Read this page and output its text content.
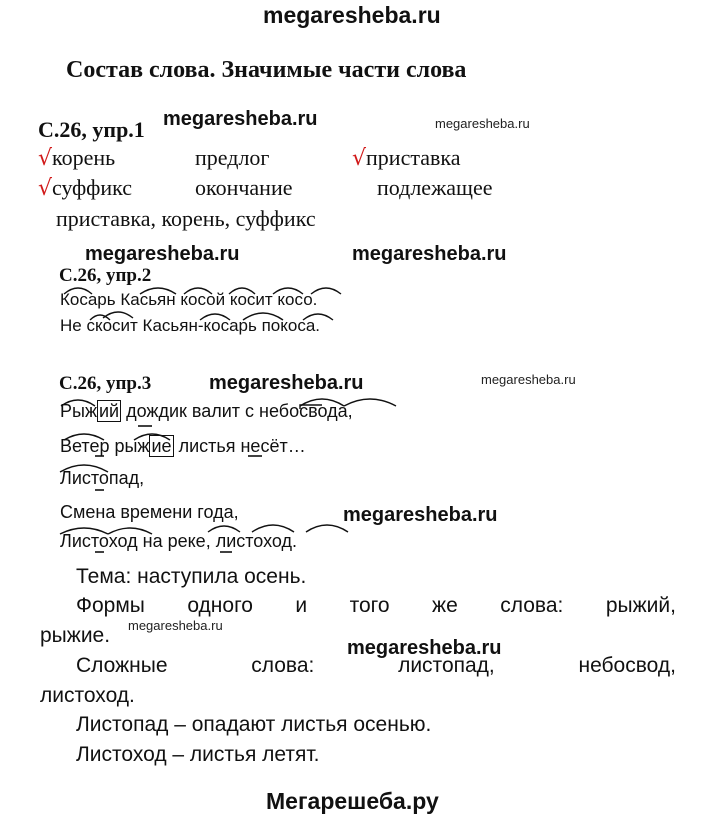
megaresheba.ru
megaresheba.ru	megaresheba.ru
megaresheba.ru	megaresheba.ru
megaresheba.ru	megaresheba.ru
megaresheba.ru
megaresheba.ru
megaresheba.ru
Состав слова. Значимые части слова
С.26, упр.1
√корень	предлог	√приставка
√суффикс	окончание	подлежащее
приставка, корень, суффикс
С.26, упр.2
Косарь Касьян косой косит косо.
Не скосит Касьян-косарь покоса.
С.26, упр.3
Рыж ий дождик валит с небосвода,
Ветер рыж ие листья несёт…
Листопад,
Смена времени года,
Листоход на реке, листоход.
Тема: наступила осень.
Формы одного и того же слова: рыжий,
рыжие.
Сложные	слова:	листопад,	небосвод,
листоход.
Листопад – опадают листья осенью.
Листоход – листья летят.
Мегарешеба.ру
